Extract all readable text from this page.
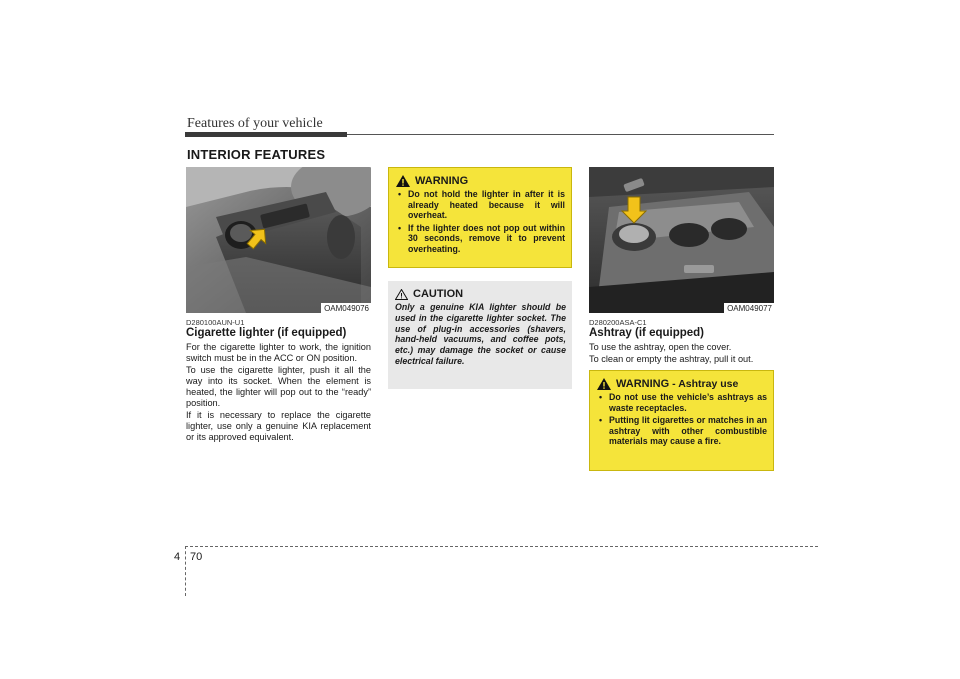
Features of your vehicle
INTERIOR FEATURES
OAM049076
D280100AUN-U1
Cigarette lighter (if equipped)

For the cigarette lighter to work, the ignition switch must be in the ACC or ON position.

To use the cigarette lighter, push it all the way into its socket. When the element is heated, the lighter will pop out to the “ready” position.

If it is necessary to replace the cigarette lighter, use only a genuine KIA replacement or its approved equivalent.

WARNING
• Do not hold the lighter in after it is already heated because it will overheat.
• If the lighter does not pop out within 30 seconds, remove it to prevent overheating.
CAUTION
Only a genuine KIA lighter should be used in the cigarette lighter socket. The use of plug-in accessories (shavers, hand-held vacuums, and coffee pots, etc.) may damage the socket or cause electrical failure.
OAM049077
D280200ASA-C1
Ashtray (if equipped)

To use the ashtray, open the cover.

To clean or empty the ashtray, pull it out.

WARNING - Ashtray use
• Do not use the vehicle’s ashtrays as waste receptacles.
• Putting lit cigarettes or matches in an ashtray with other combustible materials may cause a fire.
4 70
